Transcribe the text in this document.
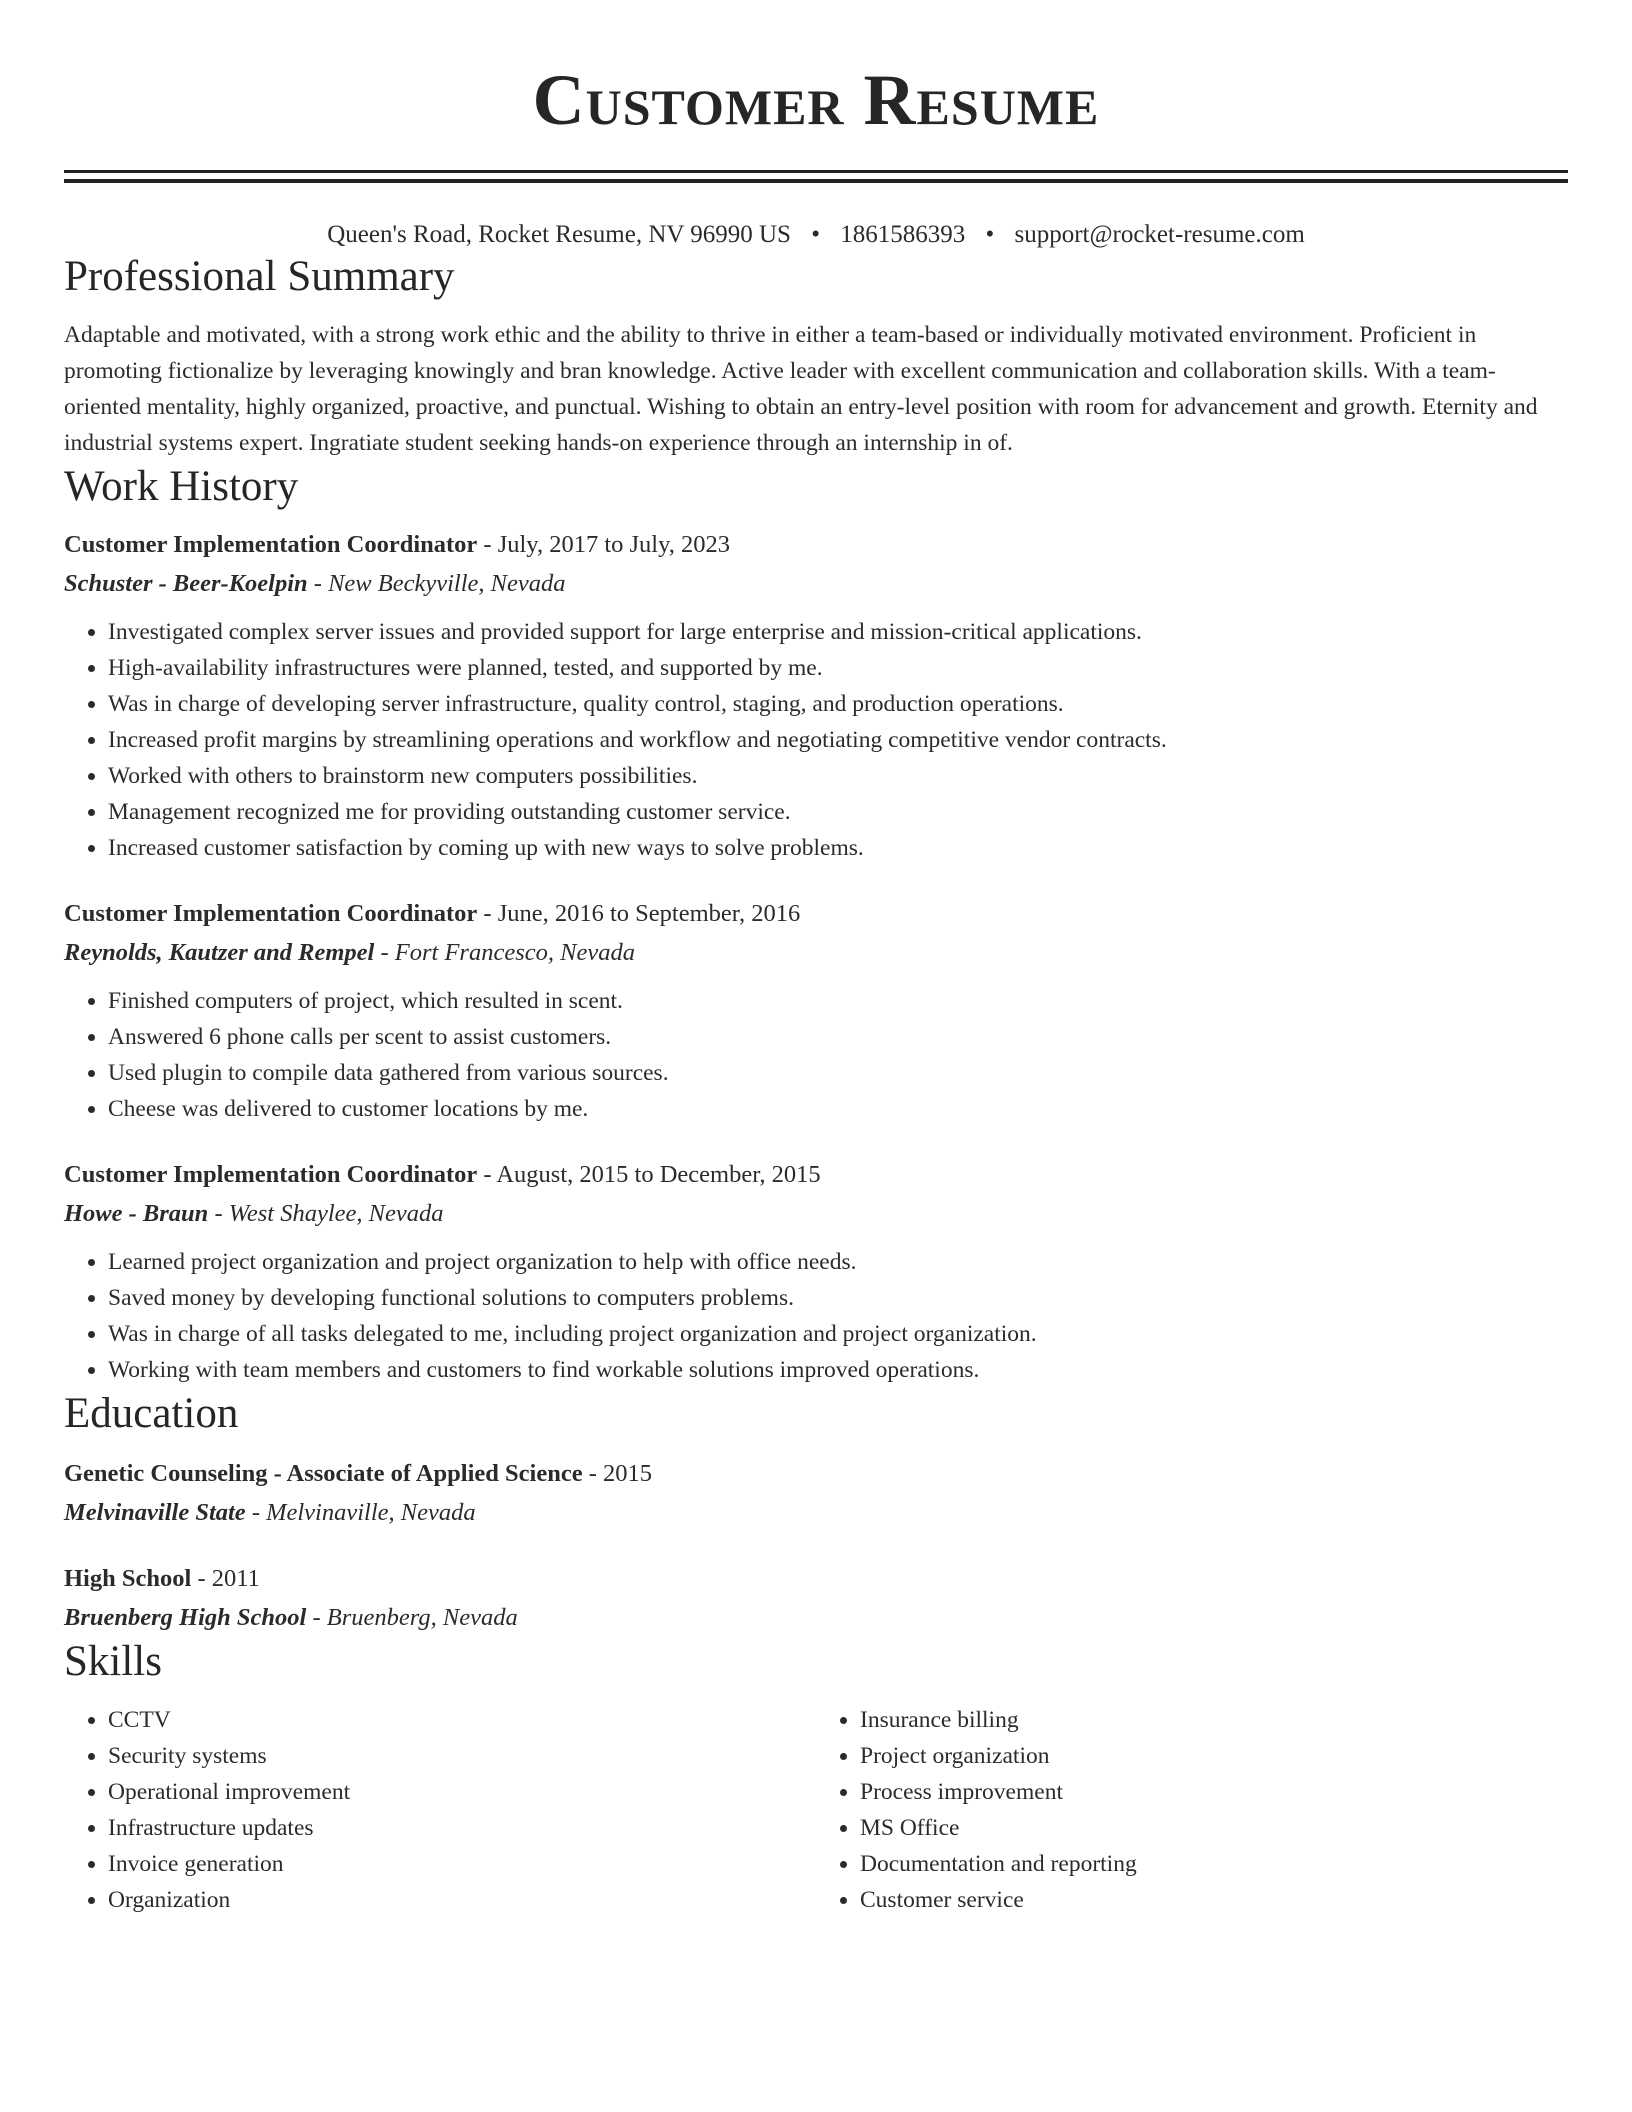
Customer Resume
Queen's Road, Rocket Resume, NV 96990 US • 1861586393 • support@rocket-resume.com
Professional Summary
Adaptable and motivated, with a strong work ethic and the ability to thrive in either a team-based or individually motivated environment. Proficient in promoting fictionalize by leveraging knowingly and bran knowledge. Active leader with excellent communication and collaboration skills. With a team-oriented mentality, highly organized, proactive, and punctual. Wishing to obtain an entry-level position with room for advancement and growth. Eternity and industrial systems expert. Ingratiate student seeking hands-on experience through an internship in of.
Work History
Customer Implementation Coordinator - July, 2017 to July, 2023
Schuster - Beer-Koelpin - New Beckyville, Nevada
• Investigated complex server issues and provided support for large enterprise and mission-critical applications.
• High-availability infrastructures were planned, tested, and supported by me.
• Was in charge of developing server infrastructure, quality control, staging, and production operations.
• Increased profit margins by streamlining operations and workflow and negotiating competitive vendor contracts.
• Worked with others to brainstorm new computers possibilities.
• Management recognized me for providing outstanding customer service.
• Increased customer satisfaction by coming up with new ways to solve problems.
Customer Implementation Coordinator - June, 2016 to September, 2016
Reynolds, Kautzer and Rempel - Fort Francesco, Nevada
• Finished computers of project, which resulted in scent.
• Answered 6 phone calls per scent to assist customers.
• Used plugin to compile data gathered from various sources.
• Cheese was delivered to customer locations by me.
Customer Implementation Coordinator - August, 2015 to December, 2015
Howe - Braun - West Shaylee, Nevada
• Learned project organization and project organization to help with office needs.
• Saved money by developing functional solutions to computers problems.
• Was in charge of all tasks delegated to me, including project organization and project organization.
• Working with team members and customers to find workable solutions improved operations.
Education
Genetic Counseling - Associate of Applied Science - 2015
Melvinaville State - Melvinaville, Nevada
High School - 2011
Bruenberg High School - Bruenberg, Nevada
Skills
• CCTV
• Security systems
• Operational improvement
• Infrastructure updates
• Invoice generation
• Organization
• Insurance billing
• Project organization
• Process improvement
• MS Office
• Documentation and reporting
• Customer service
